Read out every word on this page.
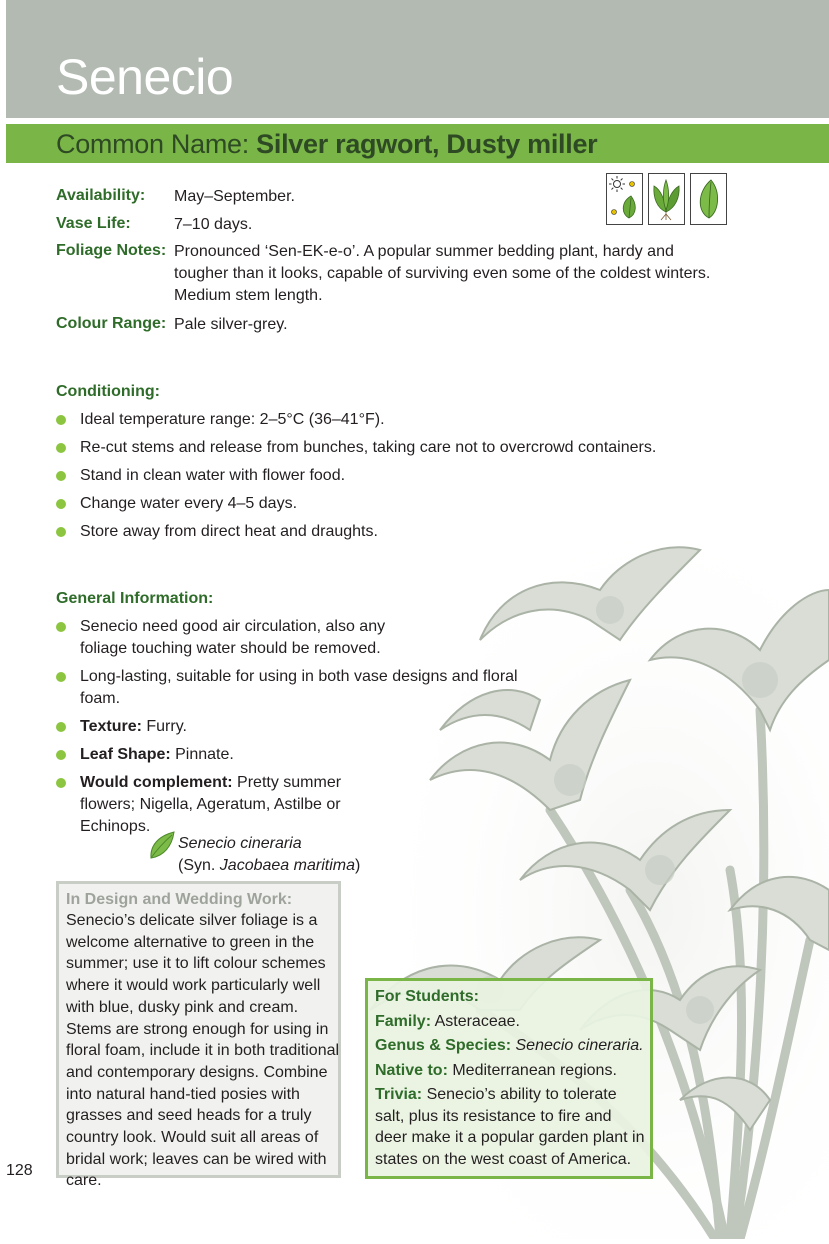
Senecio
Common Name: Silver ragwort, Dusty miller
Availability: May–September.
Vase Life:	7–10 days.
Foliage Notes: Pronounced ‘Sen-EK-e-o’. A popular summer bedding plant, hardy and tougher than it looks, capable of surviving even some of the coldest winters. Medium stem length.
Colour Range: Pale silver-grey.
Conditioning:
Ideal temperature range: 2–5°C (36–41°F).
Re-cut stems and release from bunches, taking care not to overcrowd containers.
Stand in clean water with flower food.
Change water every 4–5 days.
Store away from direct heat and draughts.
General Information:
Senecio need good air circulation, also any foliage touching water should be removed.
Long-lasting, suitable for using in both vase designs and floral foam.
Texture: Furry.
Leaf Shape: Pinnate.
Would complement: Pretty summer flowers; Nigella, Ageratum, Astilbe or Echinops.
Senecio cineraria
(Syn. Jacobaea maritima)
In Design and Wedding Work:
Senecio’s delicate silver foliage is a welcome alternative to green in the summer; use it to lift colour schemes where it would work particularly well with blue, dusky pink and cream. Stems are strong enough for using in floral foam, include it in both traditional and contemporary designs. Combine into natural hand-tied posies with grasses and seed heads for a truly country look. Would suit all areas of bridal work; leaves can be wired with care.
For Students:
Family: Asteraceae.
Genus & Species: Senecio cineraria.
Native to: Mediterranean regions.
Trivia: Senecio’s ability to tolerate salt, plus its resistance to fire and deer make it a popular garden plant in states on the west coast of America.
128
